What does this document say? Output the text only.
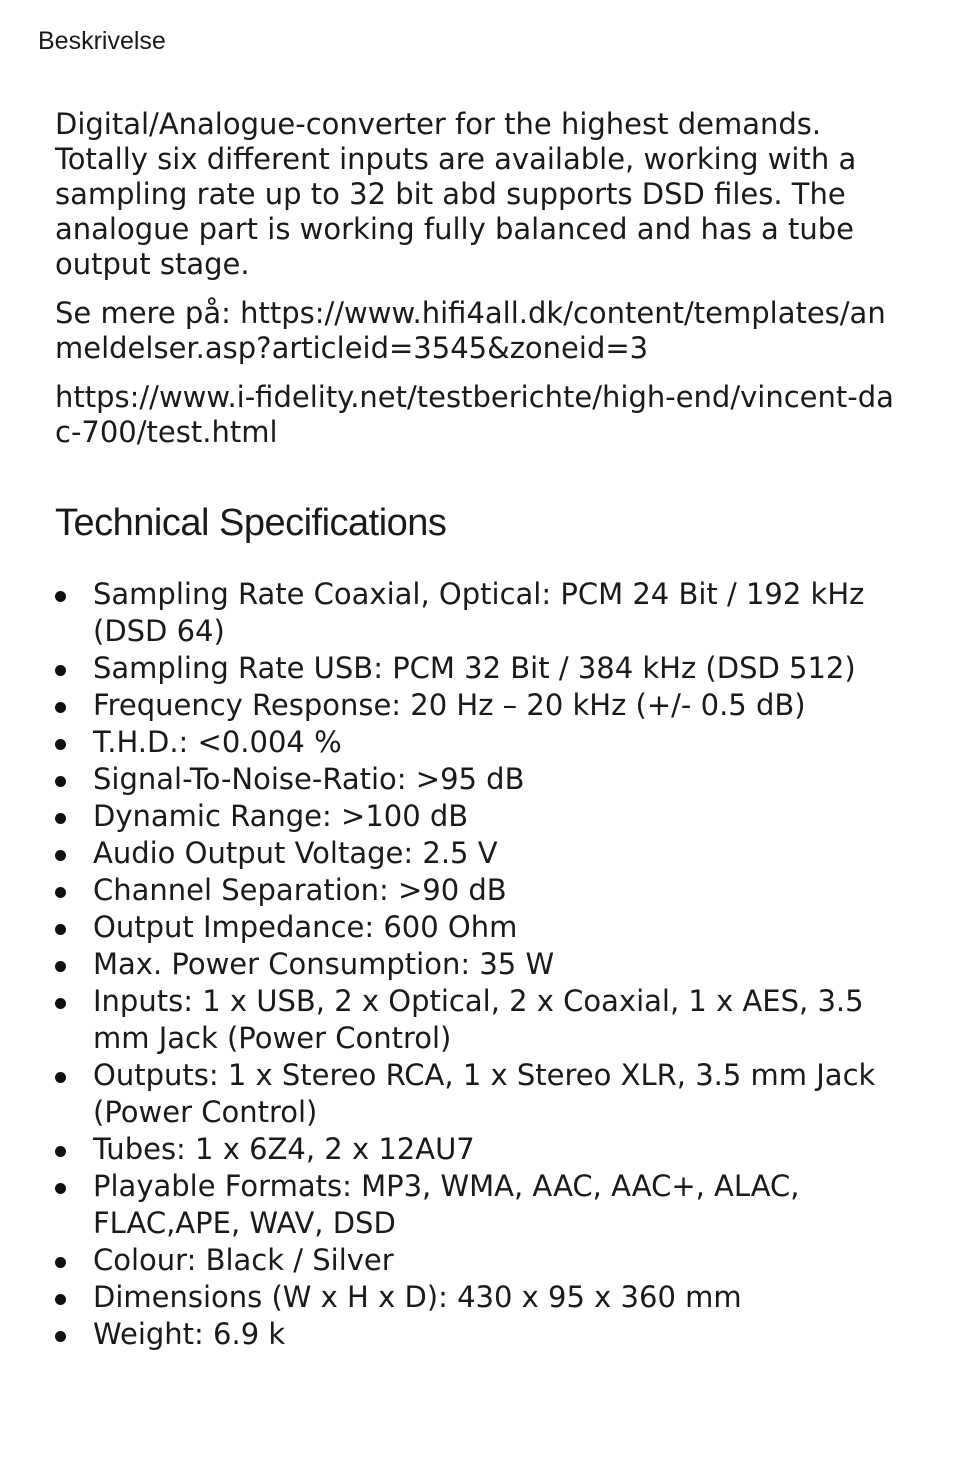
Beskrivelse

Digital/Analogue-converter for the highest demands. Totally six different inputs are available, working with a sampling rate up to 32 bit abd supports DSD files. The analogue part is working fully balanced and has a tube output stage.

Se mere på: https://www.hifi4all.dk/content/templates/anmeldelser.asp?articleid=3545&zoneid=3

https://www.i-fidelity.net/testberichte/high-end/vincent-dac-700/test.html

Technical Specifications
Sampling Rate Coaxial, Optical: PCM 24 Bit / 192 kHz (DSD 64)
Sampling Rate USB: PCM 32 Bit / 384 kHz (DSD 512)
Frequency Response: 20 Hz – 20 kHz (+/- 0.5 dB)
T.H.D.: <0.004 %
Signal-To-Noise-Ratio: >95 dB
Dynamic Range: >100 dB
Audio Output Voltage: 2.5 V
Channel Separation: >90 dB
Output Impedance: 600 Ohm
Max. Power Consumption: 35 W
Inputs: 1 x USB, 2 x Optical, 2 x Coaxial, 1 x AES, 3.5 mm Jack (Power Control)
Outputs: 1 x Stereo RCA, 1 x Stereo XLR, 3.5 mm Jack (Power Control)
Tubes: 1 x 6Z4, 2 x 12AU7
Playable Formats: MP3, WMA, AAC, AAC+, ALAC, FLAC,APE, WAV, DSD
Colour: Black / Silver
Dimensions (W x H x D): 430 x 95 x 360 mm
Weight: 6.9 k
